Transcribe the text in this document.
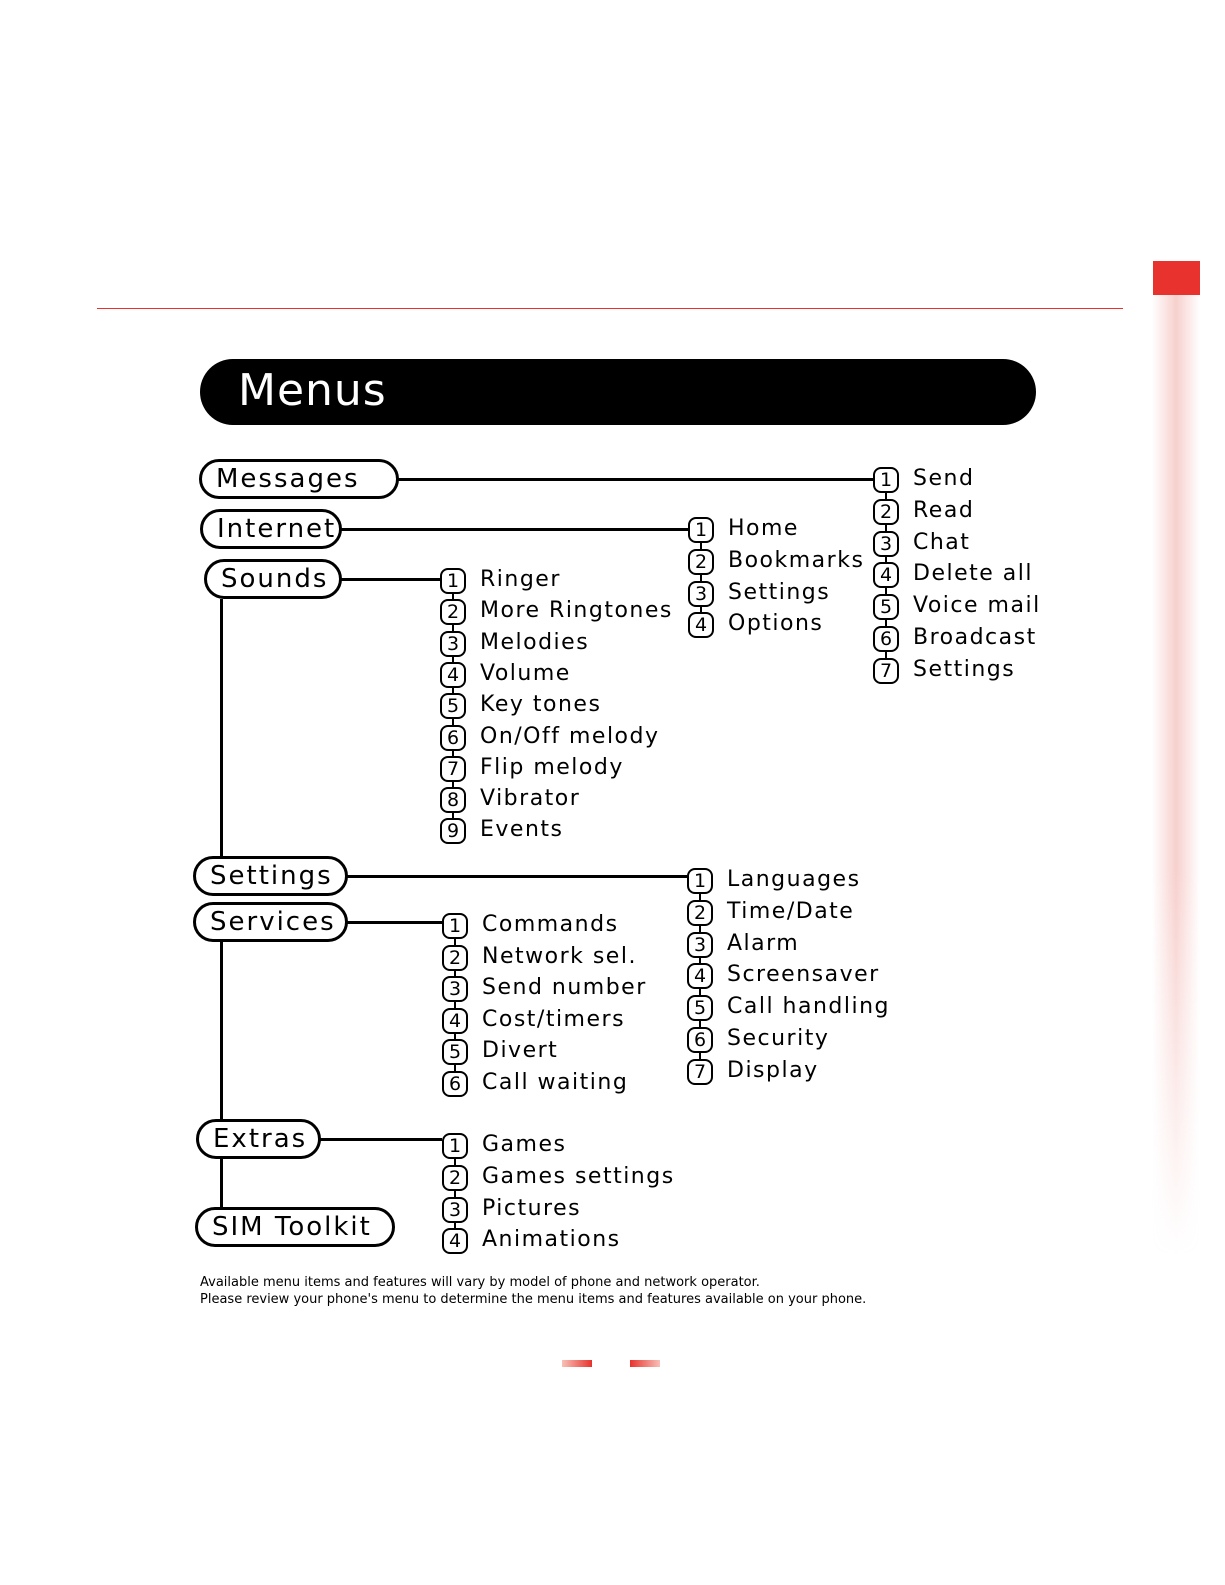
Menus
Messages	1 Send
2 Read
3 Chat
4 Delete all
5 Voice mail
6 Broadcast
7 Settings
Internet	1 Home
2 Bookmarks
3 Settings
4 Options
Sounds	1 Ringer
2 More Ringtones
3 Melodies
4 Volume
5 Key tones
6 On/Off melody
7 Flip melody
8 Vibrator
9 Events
Settings	1 Languages
2 Time/Date
3 Alarm
4 Screensaver
5 Call handling
6 Security
7 Display
Services	1 Commands
2 Network sel.
3 Send number
4 Cost/timers
5 Divert
6 Call waiting
Extras	1 Games
2 Games settings
3 Pictures
4 Animations
SIM Toolkit
Available menu items and features will vary by model of phone and network operator.
Please review your phone's menu to determine the menu items and features available on your phone.
